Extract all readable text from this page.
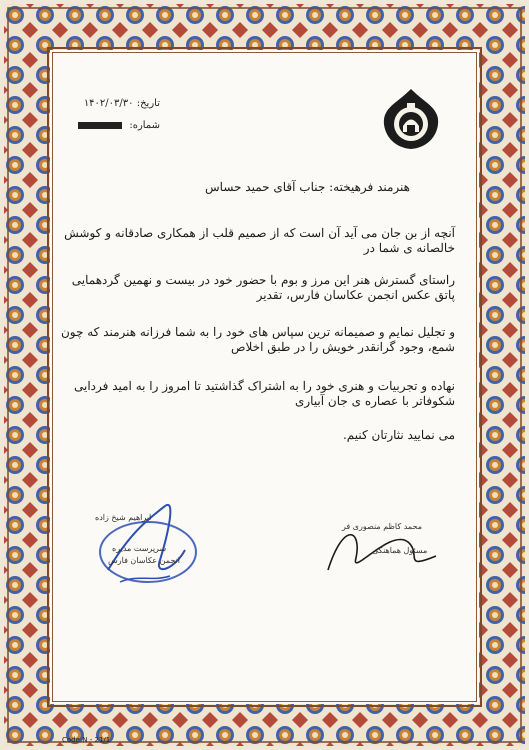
تاریخ: ۱۴۰۲/۰۳/۳۰
شماره:
هنرمند فرهیخته: جناب آقای حمید حساس
آنچه از بن جان می آید آن است که از صمیم قلب از همکاری صادقانه و کوشش خالصانه ی شما در
راستای گسترش هنر این مرز و بوم با حضور خود در بیست و نهمین گردهمایی پاتق عکس انجمن عکاسان فارس، تقدیر
و تجلیل نمایم و صمیمانه ترین سپاس های خود را به شما فرزانه هنرمند که چون شمع، وجود گرانقدر خویش را در طبق اخلاص
نهاده و تجربیات و هنری خود را به اشتراک گذاشتید تا امروز را به امید فردایی شکوفاتر با عصاره ی جان آبیاری
می نمایید نثارتان کنیم.
ابراهیم شیخ زاده
سرپرست مدیره
انجمن عکاسان فارس
محمد کاظم منصوری فر
مسئول هماهنگی
Code:N - 21/1
